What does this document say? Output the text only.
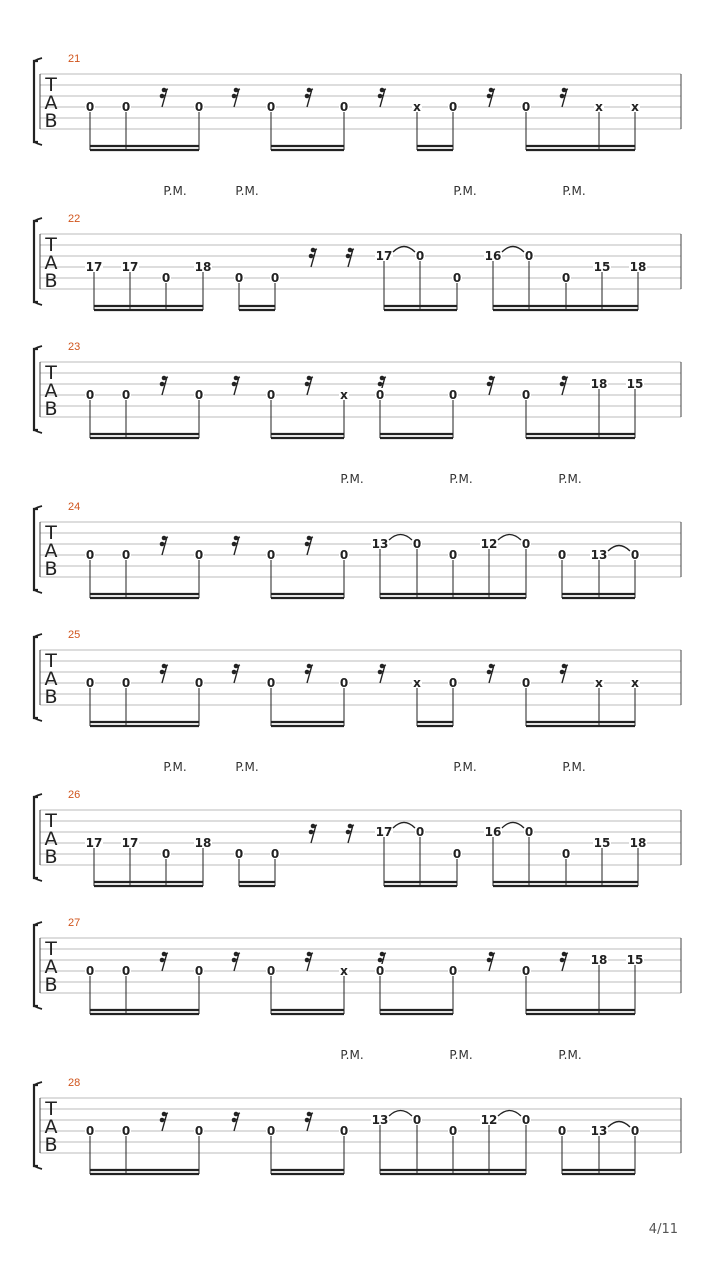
21
T
A
B
0 0	0	0	0	x 0	0	x x
22
T
A
B
17 17
0
18
0 0
17 0
0
16 0
0
15 18
P.M.	P.M.	P.M.	P.M.
23
T
A
B
0 0	0	0	x 0	0	0
18 15
24
T
A
B
0 0	0	0	0
13 0
0
12 0
0 13 0
P.M.	P.M.	P.M.
25
T
A
B
0 0	0	0	0	x 0	0	x x
26
T
A
B
17 17
0
18
0 0
17 0
0
16 0
0
15 18
P.M.	P.M.	P.M.	P.M.
27
T
A
B
0 0	0	0	x 0	0	0
18 15
28
T
A
B
0 0	0	0	0
13 0
0
12 0
0 13 0
P.M.	P.M.	P.M.
4/11
